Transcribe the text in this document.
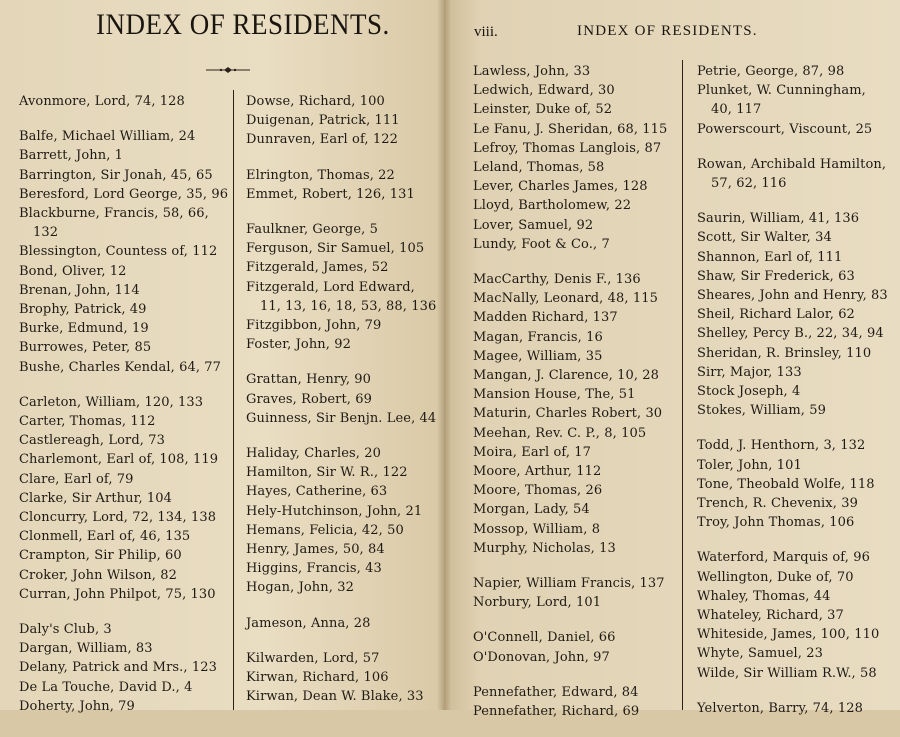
INDEX OF RESIDENTS.	viii.	INDEX OF RESIDENTS.
Avonmore, Lord, 74, 128
Balfe, Michael William, 24
Barrett, John, 1
Barrington, Sir Jonah, 45, 65
Beresford, Lord George, 35, 96
Blackburne, Francis, 58, 66,
132
Blessington, Countess of, 112
Bond, Oliver, 12
Brenan, John, 114
Brophy, Patrick, 49
Burke, Edmund, 19
Burrowes, Peter, 85
Bushe, Charles Kendal, 64, 77
Carleton, William, 120, 133
Carter, Thomas, 112
Castlereagh, Lord, 73
Charlemont, Earl of, 108, 119
Clare, Earl of, 79
Clarke, Sir Arthur, 104
Cloncurry, Lord, 72, 134, 138
Clonmell, Earl of, 46, 135
Crampton, Sir Philip, 60
Croker, John Wilson, 82
Curran, John Philpot, 75, 130
Daly's Club, 3
Dargan, William, 83
Delany, Patrick and Mrs., 123
De La Touche, David D., 4
Doherty, John, 79
Dowse, Richard, 100
Duigenan, Patrick, 111
Dunraven, Earl of, 122
Elrington, Thomas, 22
Emmet, Robert, 126, 131
Faulkner, George, 5
Ferguson, Sir Samuel, 105
Fitzgerald, James, 52
Fitzgerald, Lord Edward,
11, 13, 16, 18, 53, 88, 136
Fitzgibbon, John, 79
Foster, John, 92
Grattan, Henry, 90
Graves, Robert, 69
Guinness, Sir Benjn. Lee, 44
Haliday, Charles, 20
Hamilton, Sir W. R., 122
Hayes, Catherine, 63
Hely-Hutchinson, John, 21
Hemans, Felicia, 42, 50
Henry, James, 50, 84
Higgins, Francis, 43
Hogan, John, 32
Jameson, Anna, 28
Kilwarden, Lord, 57
Kirwan, Richard, 106
Kirwan, Dean W. Blake, 33
Lawless, John, 33
Ledwich, Edward, 30
Leinster, Duke of, 52
Le Fanu, J. Sheridan, 68, 115
Lefroy, Thomas Langlois, 87
Leland, Thomas, 58
Lever, Charles James, 128
Lloyd, Bartholomew, 22
Lover, Samuel, 92
Lundy, Foot & Co., 7
MacCarthy, Denis F., 136
MacNally, Leonard, 48, 115
Madden Richard, 137
Magan, Francis, 16
Magee, William, 35
Mangan, J. Clarence, 10, 28
Mansion House, The, 51
Maturin, Charles Robert, 30
Meehan, Rev. C. P., 8, 105
Moira, Earl of, 17
Moore, Arthur, 112
Moore, Thomas, 26
Morgan, Lady, 54
Mossop, William, 8
Murphy, Nicholas, 13
Napier, William Francis, 137
Norbury, Lord, 101
O'Connell, Daniel, 66
O'Donovan, John, 97
Pennefather, Edward, 84
Pennefather, Richard, 69
Petrie, George, 87, 98
Plunket, W. Cunningham,
40, 117
Powerscourt, Viscount, 25
Rowan, Archibald Hamilton,
57, 62, 116
Saurin, William, 41, 136
Scott, Sir Walter, 34
Shannon, Earl of, 111
Shaw, Sir Frederick, 63
Sheares, John and Henry, 83
Sheil, Richard Lalor, 62
Shelley, Percy B., 22, 34, 94
Sheridan, R. Brinsley, 110
Sirr, Major, 133
Stock Joseph, 4
Stokes, William, 59
Todd, J. Henthorn, 3, 132
Toler, John, 101
Tone, Theobald Wolfe, 118
Trench, R. Chevenix, 39
Troy, John Thomas, 106
Waterford, Marquis of, 96
Wellington, Duke of, 70
Whaley, Thomas, 44
Whateley, Richard, 37
Whiteside, James, 100, 110
Whyte, Samuel, 23
Wilde, Sir William R.W., 58
Yelverton, Barry, 74, 128
